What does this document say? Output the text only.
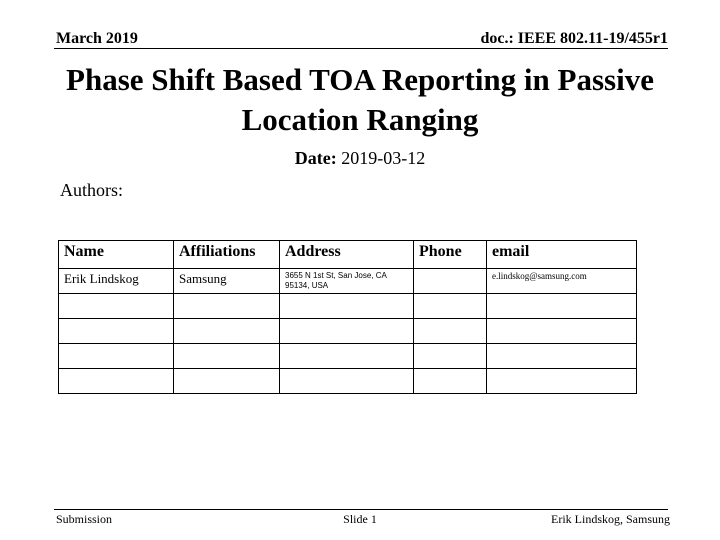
March 2019	doc.: IEEE 802.11-19/455r1
Phase Shift Based TOA Reporting in Passive Location Ranging
Date: 2019-03-12
Authors:
Name	Affiliations	Address	Phone	email
Erik Lindskog	Samsung	3655 N 1st St, San Jose, CA 95134, USA		e.lindskog@samsung.com

Submission	Slide 1	Erik Lindskog, Samsung
